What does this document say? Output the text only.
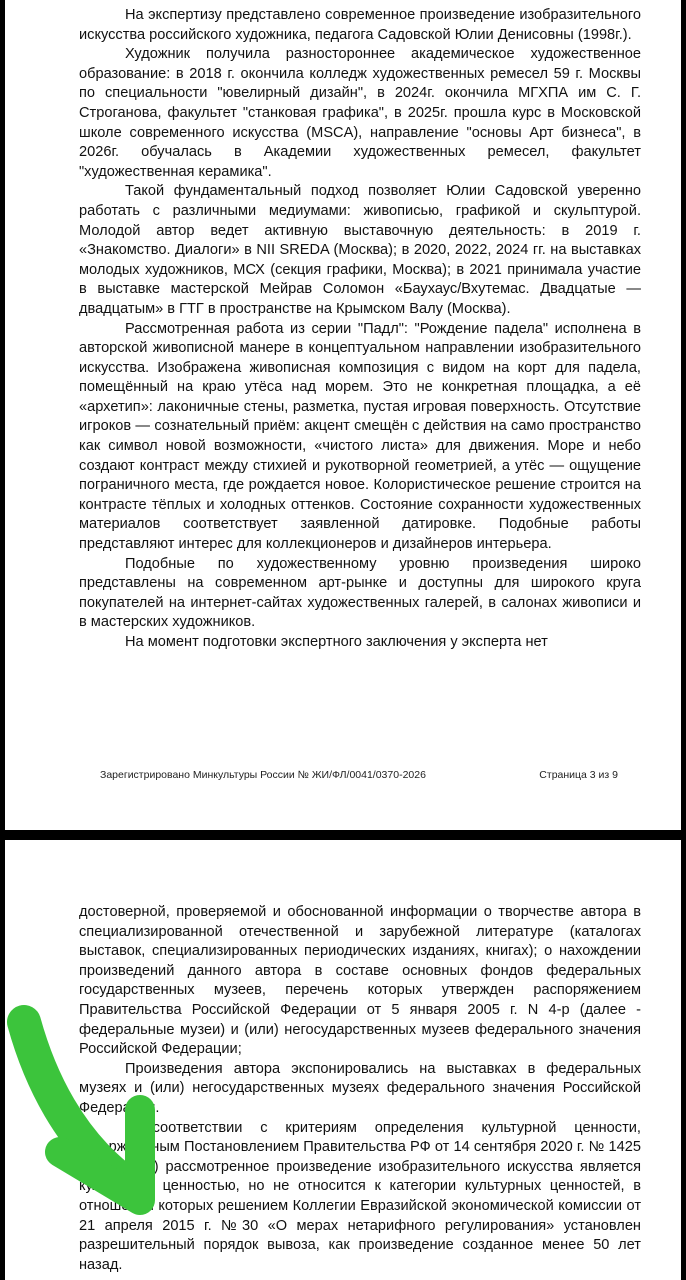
На экспертизу представлено современное произведение изобразительного искусства российского художника, педагога Садовской Юлии Денисовны (1998г.).

Художник получила разностороннее академическое художественное образование: в 2018 г. окончила колледж художественных ремесел 59 г. Москвы по специальности "ювелирный дизайн", в 2024г. окончила МГХПА им С. Г. Строганова, факультет "станковая графика", в 2025г. прошла курс в Московской школе современного искусства (MSCA), направление "основы Арт бизнеса", в 2026г. обучалась в Академии художественных ремесел, факультет "художественная керамика".

Такой фундаментальный подход позволяет Юлии Садовской уверенно работать с различными медиумами: живописью, графикой и скульптурой. Молодой автор ведет активную выставочную деятельность: в 2019 г. «Знакомство. Диалоги» в NII SREDA (Москва); в 2020, 2022, 2024 гг. на выставках молодых художников, МСХ (секция графики, Москва); в 2021 принимала участие в выставке мастерской Мейрав Соломон «Баухаус/Вхутемас. Двадцатые — двадцатым» в ГТГ в пространстве на Крымском Валу (Москва).

Рассмотренная работа из серии "Падл": "Рождение падела" исполнена в авторской живописной манере в концептуальном направлении изобразительного искусства. Изображена живописная композиция с видом на корт для падела, помещённый на краю утёса над морем. Это не конкретная площадка, а её «архетип»: лаконичные стены, разметка, пустая игровая поверхность. Отсутствие игроков — сознательный приём: акцент смещён с действия на само пространство как символ новой возможности, «чистого листа» для движения. Море и небо создают контраст между стихией и рукотворной геометрией, а утёс — ощущение пограничного места, где рождается новое. Колористическое решение строится на контрасте тёплых и холодных оттенков. Состояние сохранности художественных материалов соответствует заявленной датировке. Подобные работы представляют интерес для коллекционеров и дизайнеров интерьера.

Подобные по художественному уровню произведения широко представлены на современном арт-рынке и доступны для широкого круга покупателей на интернет-сайтах художественных галерей, в салонах живописи и в мастерских художников.

На момент подготовки экспертного заключения у эксперта нет

Зарегистрировано Минкультуры России № ЖИ/ФЛ/0041/0370-2026	Страница 3 из 9

достоверной, проверяемой и обоснованной информации о творчестве автора в специализированной отечественной и зарубежной литературе (каталогах выставок, специализированных периодических изданиях, книгах); о нахождении произведений данного автора в составе основных фондов федеральных государственных музеев, перечень которых утвержден распоряжением Правительства Российской Федерации от 5 января 2005 г. N 4-р (далее - федеральные музеи) и (или) негосударственных музеев федерального значения Российской Федерации;

Произведения автора экспонировались на выставках в федеральных музеях и (или) негосударственных музеях федерального значения Российской Федерации.

В соответствии с критериям определения культурной ценности, утвержденным Постановлением Правительства РФ от 14 сентября 2020 г. № 1425 (пункт №2) рассмотренное произведение изобразительного искусства является культурной ценностью, но не относится к категории культурных ценностей, в отношении которых решением Коллегии Евразийской экономической комиссии от 21 апреля 2015 г. №30 «О мерах нетарифного регулирования» установлен разрешительный порядок вывоза, как произведение созданное менее 50 лет назад.
